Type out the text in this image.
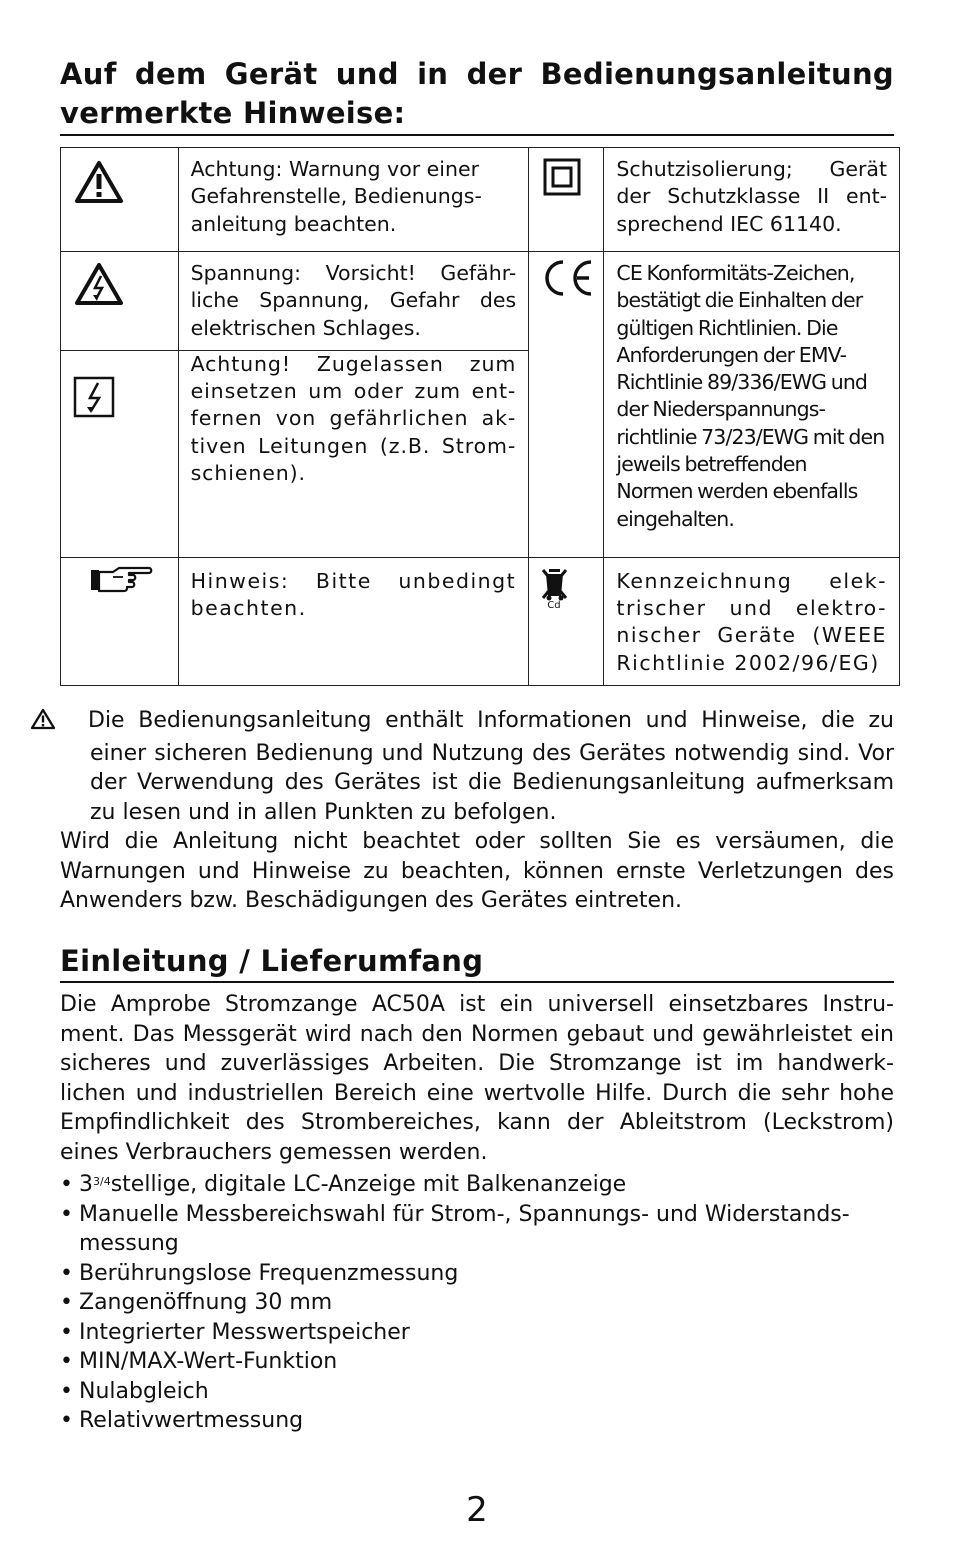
Auf dem Gerät und in der Bedienungsanleitung vermerkte Hinweise:
	Achtung: Warnung vor einer Gefahrenstelle, Bedienungs-anleitung beachten.		Schutzisolierung; Gerät der Schutzklasse II ent-sprechend IEC 61140.

	Spannung: Vorsicht! Gefähr-liche Spannung, Gefahr des elektrischen Schlages.		CE Konformitäts-Zeichen, bestätigt die Einhalten der gültigen Richtlinien. Die Anforderungen der EMV-Richtlinie 89/336/EWG und der Niederspannungs-richtlinie 73/23/EWG mit den jeweils betreffenden Normen werden ebenfalls eingehalten.

	Achtung! Zugelassen zum einsetzen um oder zum ent-fernen von gefährlichen ak-tiven Leitungen (z.B. Strom-schienen).		

	Hinweis: Bitte unbedingt beachten.	Cd	Kennzeichnung elek-trischer und elektro-nischer Geräte (WEEE Richtlinie 2002/96/EG)

Die Bedienungsanleitung enthält Informationen und Hinweise, die zu einer sicheren Bedienung und Nutzung des Gerätes notwendig sind. Vor der Verwendung des Gerätes ist die Bedienungsanleitung aufmerksam zu lesen und in allen Punkten zu befolgen.

Wird die Anleitung nicht beachtet oder sollten Sie es versäumen, die Warnungen und Hinweise zu beachten, können ernste Verletzungen des Anwenders bzw. Beschädigungen des Gerätes eintreten.

Einleitung / Lieferumfang

Die Amprobe Stromzange AC50A ist ein universell einsetzbares Instru-ment. Das Messgerät wird nach den Normen gebaut und gewährleistet ein sicheres und zuverlässiges Arbeiten. Die Stromzange ist im handwerk-lichen und industriellen Bereich eine wertvolle Hilfe. Durch die sehr hohe Empfindlichkeit des Strombereiches, kann der Ableitstrom (Leckstrom) eines Verbrauchers gemessen werden.

• $3^{3/4}stellige$, digitale LC-Anzeige mit Balkenanzeige
• Manuelle Messbereichswahl für Strom-, Spannungs- und Widerstands-messung
• Berührungslose Frequenzmessung
• Zangenöffnung 30 mm
• Integrierter Messwertspeicher
• MIN/MAX-Wert-Funktion
• Nulabgleich
• Relativwertmessung
2
